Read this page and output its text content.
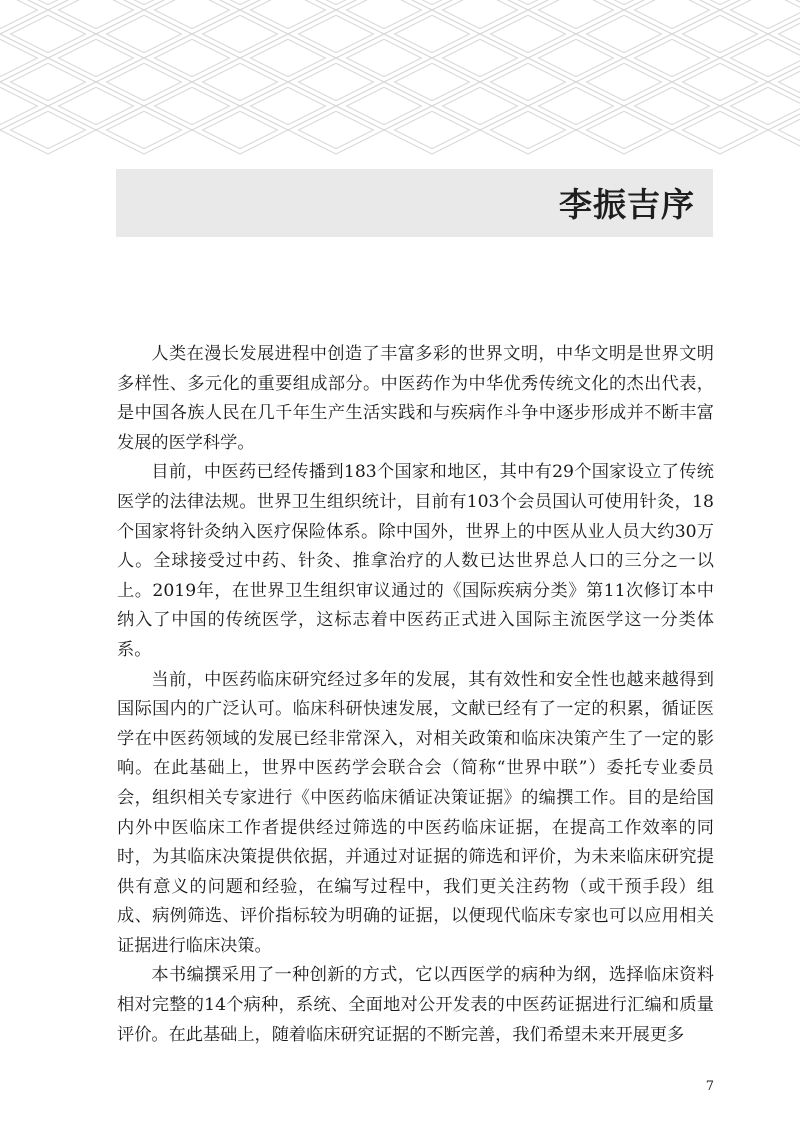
李振吉序

人类在漫长发展进程中创造了丰富多彩的世界文明，中华文明是世界文明多样性、多元化的重要组成部分。中医药作为中华优秀传统文化的杰出代表，是中国各族人民在几千年生产生活实践和与疾病作斗争中逐步形成并不断丰富发展的医学科学。

目前，中医药已经传播到183个国家和地区，其中有29个国家设立了传统医学的法律法规。世界卫生组织统计，目前有103个会员国认可使用针灸，18个国家将针灸纳入医疗保险体系。除中国外，世界上的中医从业人员大约30万人。全球接受过中药、针灸、推拿治疗的人数已达世界总人口的三分之一以上。2019年，在世界卫生组织审议通过的《国际疾病分类》第11次修订本中纳入了中国的传统医学，这标志着中医药正式进入国际主流医学这一分类体系。

当前，中医药临床研究经过多年的发展，其有效性和安全性也越来越得到国际国内的广泛认可。临床科研快速发展，文献已经有了一定的积累，循证医学在中医药领域的发展已经非常深入，对相关政策和临床决策产生了一定的影响。在此基础上，世界中医药学会联合会（简称“世界中联”）委托专业委员会，组织相关专家进行《中医药临床循证决策证据》的编撰工作。目的是给国内外中医临床工作者提供经过筛选的中医药临床证据，在提高工作效率的同时，为其临床决策提供依据，并通过对证据的筛选和评价，为未来临床研究提供有意义的问题和经验，在编写过程中，我们更关注药物（或干预手段）组成、病例筛选、评价指标较为明确的证据，以便现代临床专家也可以应用相关证据进行临床决策。

本书编撰采用了一种创新的方式，它以西医学的病种为纲，选择临床资料相对完整的14个病种，系统、全面地对公开发表的中医药证据进行汇编和质量评价。在此基础上，随着临床研究证据的不断完善，我们希望未来开展更多

7
